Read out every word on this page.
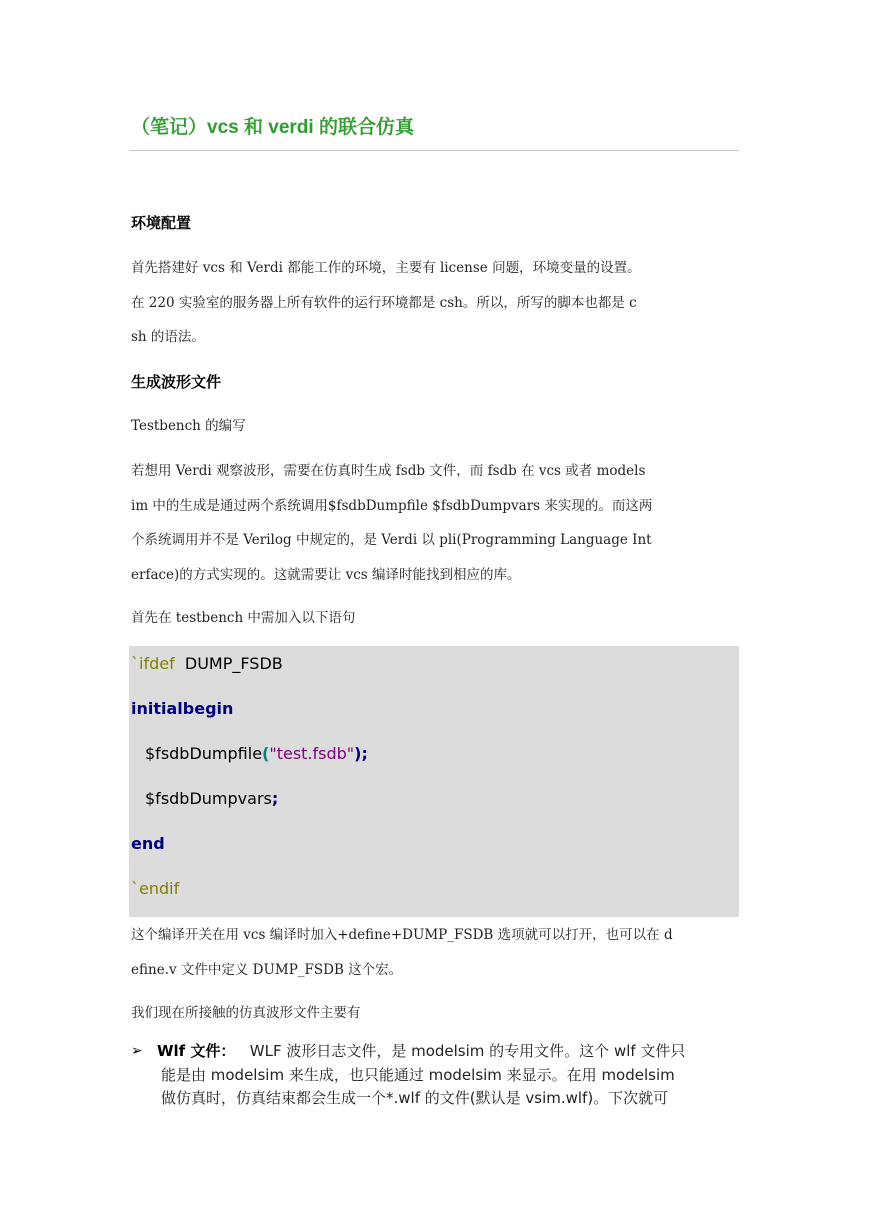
（笔记）vcs 和 verdi 的联合仿真
环境配置
首先搭建好 vcs 和 Verdi 都能工作的环境，主要有 license 问题，环境变量的设置。
在 220 实验室的服务器上所有软件的运行环境都是 csh。所以，所写的脚本也都是 c
sh 的语法。
生成波形文件
Testbench 的编写
若想用 Verdi 观察波形，需要在仿真时生成 fsdb 文件，而 fsdb 在 vcs 或者 models
im 中的生成是通过两个系统调用$fsdbDumpfile $fsdbDumpvars 来实现的。而这两
个系统调用并不是 Verilog 中规定的，是 Verdi 以 pli(Programming Language Int
erface)的方式实现的。这就需要让 vcs 编译时能找到相应的库。
首先在 testbench 中需加入以下语句
`ifdef DUMP_FSDB
initialbegin
$fsdbDumpfile("test.fsdb");
$fsdbDumpvars;
end
`endif
这个编译开关在用 vcs 编译时加入+define+DUMP_FSDB 选项就可以打开，也可以在 d
efine.v 文件中定义 DUMP_FSDB 这个宏。
我们现在所接触的仿真波形文件主要有
➢ Wlf 文件： WLF 波形日志文件，是 modelsim 的专用文件。这个 wlf 文件只
能是由 modelsim 来生成，也只能通过 modelsim 来显示。在用 modelsim
做仿真时，仿真结束都会生成一个*.wlf 的文件(默认是 vsim.wlf)。下次就可
